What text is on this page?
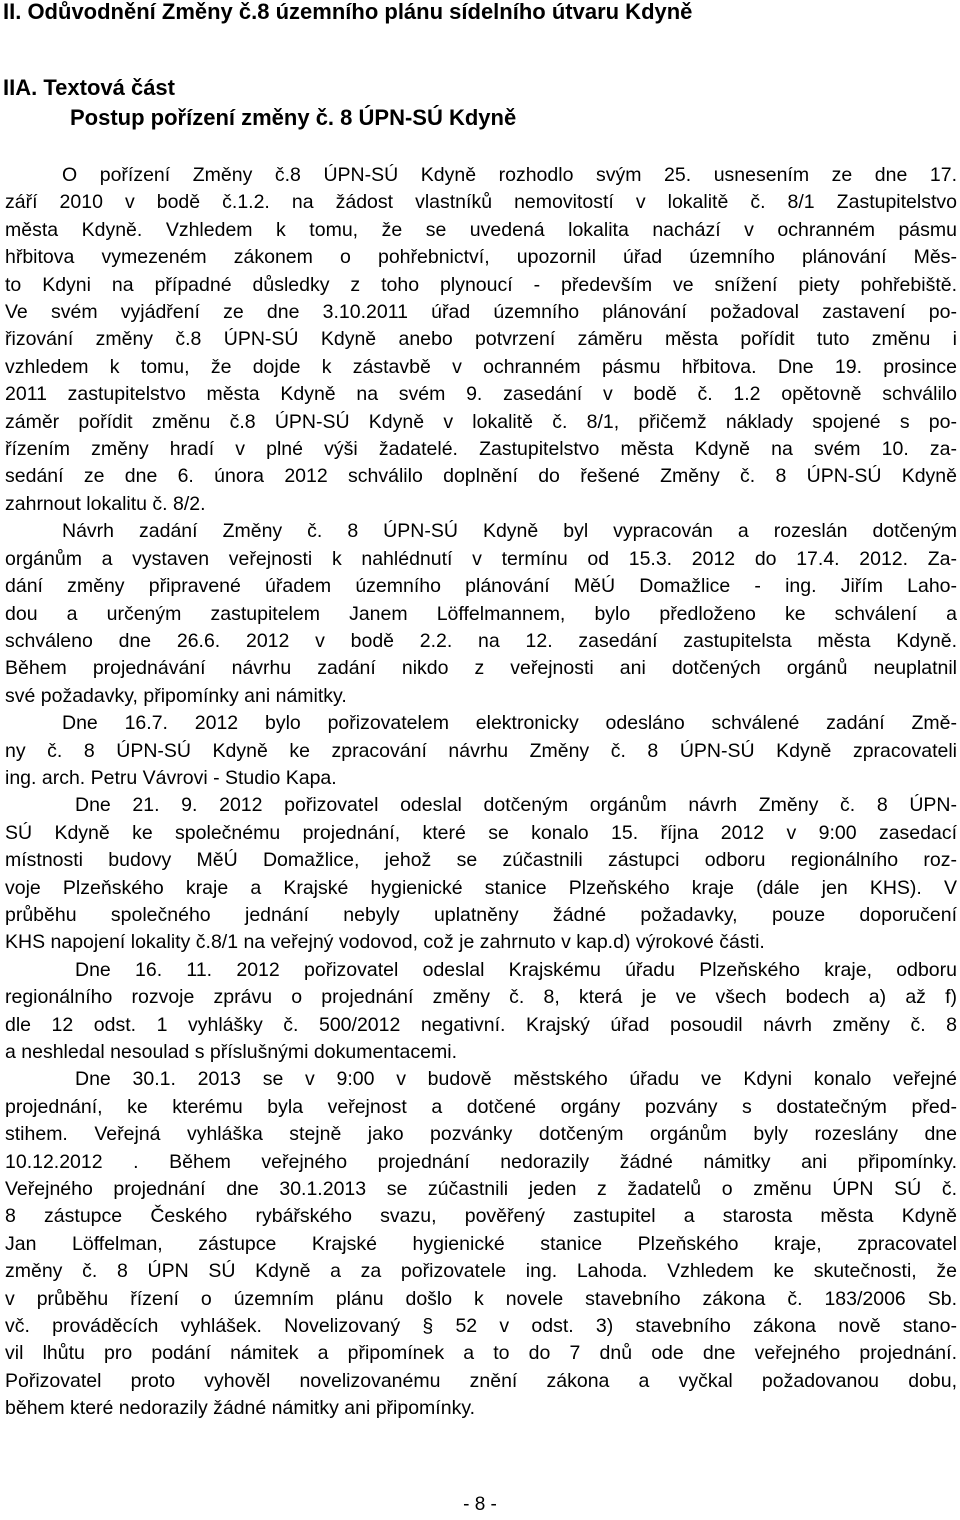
II. Odůvodnění Změny č.8 územního plánu sídelního útvaru Kdyně
IIA. Textová část
Postup pořízení změny č. 8 ÚPN-SÚ Kdyně
O pořízení Změny č.8 ÚPN-SÚ Kdyně rozhodlo svým 25. usnesením ze dne 17.
září 2010 v bodě č.1.2. na žádost vlastníků nemovitostí v lokalitě č. 8/1 Zastupitelstvo
města Kdyně. Vzhledem k tomu, že se uvedená lokalita nachází v ochranném pásmu
hřbitova vymezeném zákonem o pohřebnictví, upozornil úřad územního plánování Měs-
to Kdyni na případné důsledky z toho plynoucí - především ve snížení piety pohřebiště.
Ve svém vyjádření ze dne 3.10.2011 úřad územního plánování požadoval zastavení po-
řizování změny č.8 ÚPN-SÚ Kdyně anebo potvrzení záměru města pořídit tuto změnu i
vzhledem k tomu, že dojde k zástavbě v ochranném pásmu hřbitova. Dne 19. prosince
2011 zastupitelstvo města Kdyně na svém 9. zasedání v bodě č. 1.2 opětovně schválilo
záměr pořídit změnu č.8 ÚPN-SÚ Kdyně v lokalitě č. 8/1, přičemž náklady spojené s po-
řízením změny hradí v plné výši žadatelé. Zastupitelstvo města Kdyně na svém 10. za-
sedání ze dne 6. února 2012 schválilo doplnění do řešené Změny č. 8 ÚPN-SÚ Kdyně
zahrnout lokalitu č. 8/2.
Návrh zadání Změny č. 8 ÚPN-SÚ Kdyně byl vypracován a rozeslán dotčeným
orgánům a vystaven veřejnosti k nahlédnutí v termínu od 15.3. 2012 do 17.4. 2012. Za-
dání změny připravené úřadem územního plánování MěÚ Domažlice - ing. Jiřím Laho-
dou a určeným zastupitelem Janem Löffelmannem, bylo předloženo ke schválení a
schváleno dne 26.6. 2012 v bodě 2.2. na 12. zasedání zastupitelsta města Kdyně.
Během projednávání návrhu zadání nikdo z veřejnosti ani dotčených orgánů neuplatnil
své požadavky, připomínky ani námitky.
Dne 16.7. 2012 bylo pořizovatelem elektronicky odesláno schválené zadání Změ-
ny č. 8 ÚPN-SÚ Kdyně ke zpracování návrhu Změny č. 8 ÚPN-SÚ Kdyně zpracovateli
ing. arch. Petru Vávrovi - Studio Kapa.
Dne 21. 9. 2012 pořizovatel odeslal dotčeným orgánům návrh Změny č. 8 ÚPN-
SÚ Kdyně ke společnému projednání, které se konalo 15. října 2012 v 9:00 zasedací
místnosti budovy MěÚ Domažlice, jehož se zúčastnili zástupci odboru regionálního roz-
voje Plzeňského kraje a Krajské hygienické stanice Plzeňského kraje (dále jen KHS). V
průběhu společného jednání nebyly uplatněny žádné požadavky, pouze doporučení
KHS napojení lokality č.8/1 na veřejný vodovod, což je zahrnuto v kap.d) výrokové části.
Dne 16. 11. 2012 pořizovatel odeslal Krajskému úřadu Plzeňského kraje, odboru
regionálního rozvoje zprávu o projednání změny č. 8, která je ve všech bodech a) až f)
dle 12 odst. 1 vyhlášky č. 500/2012 negativní. Krajský úřad posoudil návrh změny č. 8
a neshledal nesoulad s příslušnými dokumentacemi.
Dne 30.1. 2013 se v 9:00 v budově městského úřadu ve Kdyni konalo veřejné
projednání, ke kterému byla veřejnost a dotčené orgány pozvány s dostatečným před-
stihem. Veřejná vyhláška stejně jako pozvánky dotčeným orgánům byly rozeslány dne
10.12.2012 . Během veřejného projednání nedorazily žádné námitky ani připomínky.
Veřejného projednání dne 30.1.2013 se zúčastnili jeden z žadatelů o změnu ÚPN SÚ č.
8 zástupce Českého rybářského svazu, pověřený zastupitel a starosta města Kdyně
Jan Löffelman, zástupce Krajské hygienické stanice Plzeňského kraje, zpracovatel
změny č. 8 ÚPN SÚ Kdyně a za pořizovatele ing. Lahoda. Vzhledem ke skutečnosti, že
v průběhu řízení o územním plánu došlo k novele stavebního zákona č. 183/2006 Sb.
vč. prováděcích vyhlášek. Novelizovaný § 52 v odst. 3) stavebního zákona nově stano-
vil lhůtu pro podání námitek a připomínek a to do 7 dnů ode dne veřejného projednání.
Pořizovatel proto vyhověl novelizovanému znění zákona a vyčkal požadovanou dobu,
během které nedorazily žádné námitky ani připomínky.
- 8 -
